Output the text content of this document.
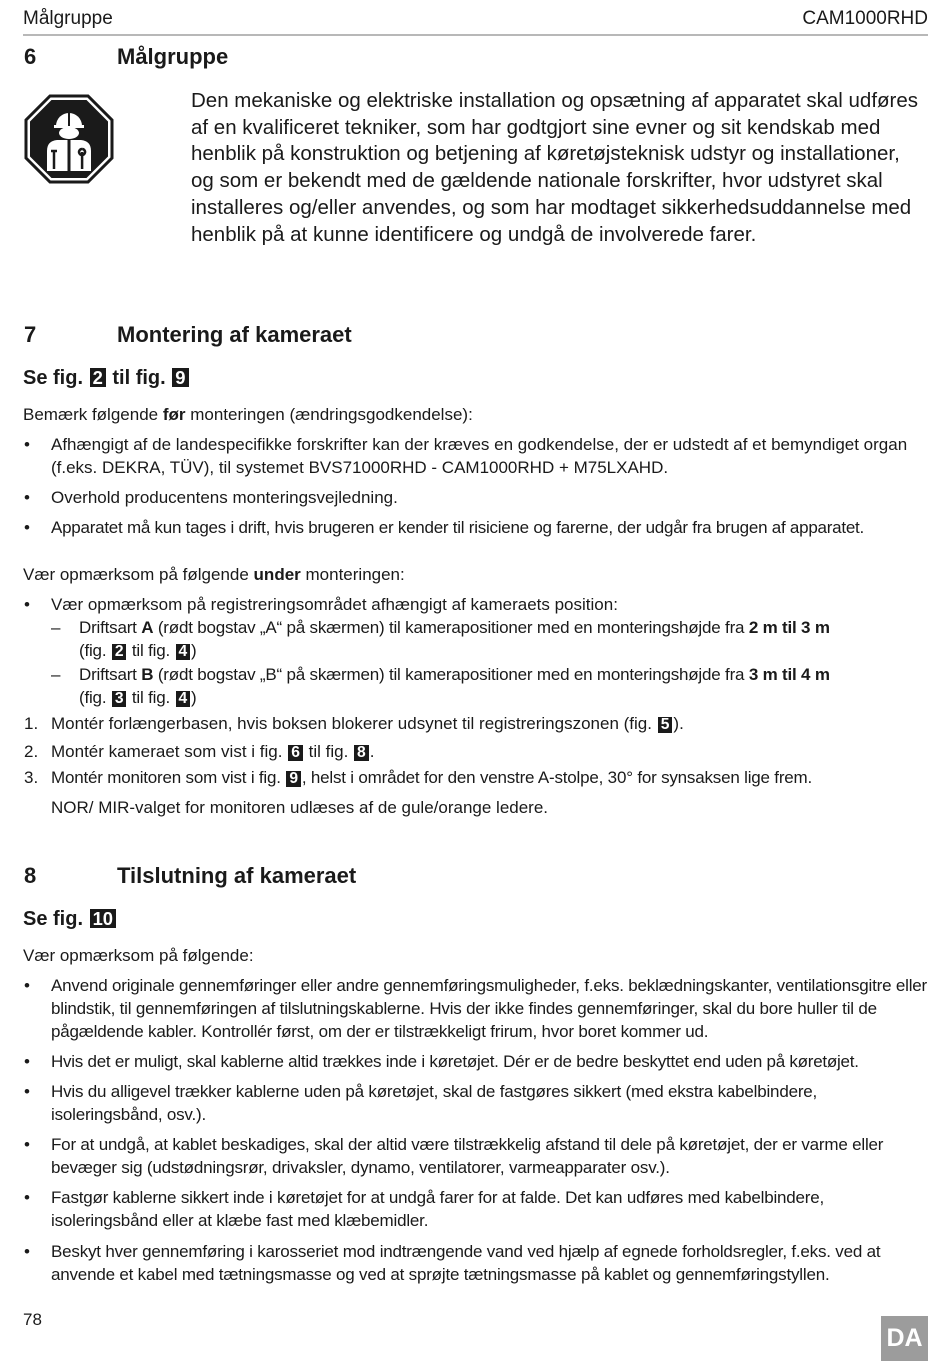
Målgruppe	CAM1000RHD
6	Målgruppe
Den mekaniske og elektriske installation og opsætning af apparatet skal udføres af en kvalificeret tekniker, som har godtgjort sine evner og sit kendskab med henblik på konstruktion og betjening af køretøjsteknisk udstyr og installationer, og som er bekendt med de gældende nationale forskrifter, hvor udstyret skal installeres og/eller anvendes, og som har modtaget sikkerhedsuddannelse med henblik på at kunne identificere og undgå de involverede farer.
7	Montering af kameraet
Se fig. 2 til fig. 9
Bemærk følgende før monteringen (ændringsgodkendelse):
• Afhængigt af de landespecifikke forskrifter kan der kræves en godkendelse, der er udstedt af et bemyndiget organ (f.eks. DEKRA, TÜV), til systemet BVS71000RHD - CAM1000RHD + M75LXAHD.
• Overhold producentens monteringsvejledning.
• Apparatet må kun tages i drift, hvis brugeren er kender til risiciene og farerne, der udgår fra brugen af apparatet.
Vær opmærksom på følgende under monteringen:
• Vær opmærksom på registreringsområdet afhængigt af kameraets position:
– Driftsart A (rødt bogstav „A“ på skærmen) til kamerapositioner med en monteringshøjde fra 2 m til 3 m
(fig. 2 til fig. 4 )
– Driftsart B (rødt bogstav „B“ på skærmen) til kamerapositioner med en monteringshøjde fra 3 m til 4 m
(fig. 3 til fig. 4 )
1. Montér forlængerbasen, hvis boksen blokerer udsynet til registreringszonen (fig. 5 ).
2. Montér kameraet som vist i fig. 6 til fig. 8 .
3. Montér monitoren som vist i fig. 9 , helst i området for den venstre A-stolpe, 30° for synsaksen lige frem.
NOR/ MIR-valget for monitoren udlæses af de gule/orange ledere.
8	Tilslutning af kameraet
Se fig. 10
Vær opmærksom på følgende:
• Anvend originale gennemføringer eller andre gennemføringsmuligheder, f.eks. beklædningskanter, ventilationsgitre eller blindstik, til gennemføringen af tilslutningskablerne. Hvis der ikke findes gennemføringer, skal du bore huller til de pågældende kabler. Kontrollér først, om der er tilstrækkeligt frirum, hvor boret kommer ud.
• Hvis det er muligt, skal kablerne altid trækkes inde i køretøjet. Dér er de bedre beskyttet end uden på køretøjet.
• Hvis du alligevel trækker kablerne uden på køretøjet, skal de fastgøres sikkert (med ekstra kabelbindere, isoleringsbånd, osv.).
• For at undgå, at kablet beskadiges, skal der altid være tilstrækkelig afstand til dele på køretøjet, der er varme eller bevæger sig (udstødningsrør, drivaksler, dynamo, ventilatorer, varmeapparater osv.).
• Fastgør kablerne sikkert inde i køretøjet for at undgå farer for at falde. Det kan udføres med kabelbindere, isoleringsbånd eller at klæbe fast med klæbemidler.
• Beskyt hver gennemføring i karosseriet mod indtrængende vand ved hjælp af egnede forholdsregler, f.eks. ved at anvende et kabel med tætningsmasse og ved at sprøjte tætningsmasse på kablet og gennemføringstyllen.
78
DA
